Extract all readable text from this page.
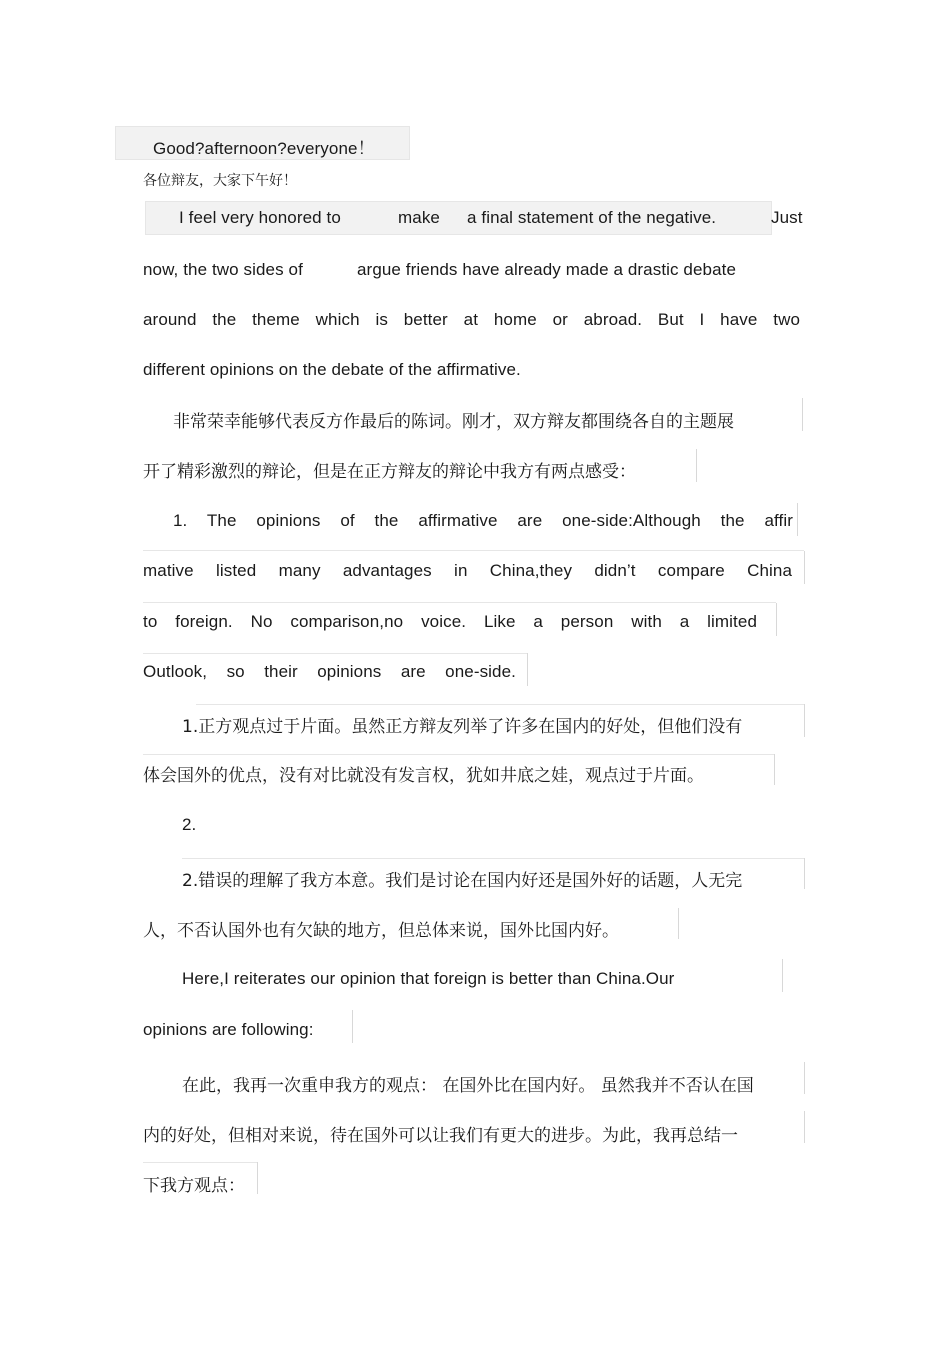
Good?afternoon?everyone！
各位辩友，大家下午好！
I feel very honored to	make a final statement of the negative.	Just
now, the two sides of	argue friends have already made a drastic debate
around the theme which is better at home or abroad. But I have two
different opinions on the debate of the affirmative.
非常荣幸能够代表反方作最后的陈词。刚才，双方辩友都围绕各自的主题展
开了精彩激烈的辩论，但是在正方辩友的辩论中我方有两点感受：
1. The opinions of the affirmative are one-side:Although the affir
mative listed many advantages in China,they didn’t compare China
to foreign. No comparison,no voice. Like a person with a limited
Outlook, so their opinions are one-side.
1.正方观点过于片面。虽然正方辩友列举了许多在国内的好处，但他们没有
体会国外的优点，没有对比就没有发言权，犹如井底之娃，观点过于片面。
2.
2.错误的理解了我方本意。我们是讨论在国内好还是国外好的话题，人无完
人，不否认国外也有欠缺的地方，但总体来说，国外比国内好。
Here,I reiterates our opinion that foreign is better than China.Our
opinions are following:
在此，我再一次重申我方的观点： 在国外比在国内好。 虽然我并不否认在国
内的好处，但相对来说，待在国外可以让我们有更大的进步。为此，我再总结一
下我方观点：
